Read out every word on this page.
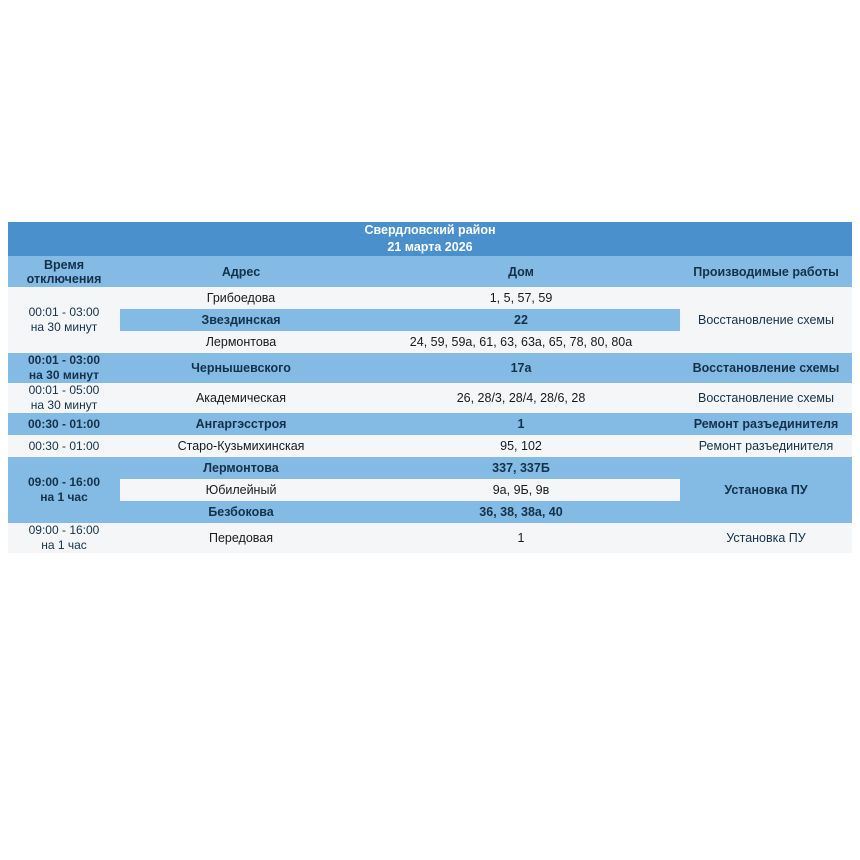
Свердловский район
21 марта 2026			

Время отключения	Адрес	Дом	Производимые работы

00:01 - 03:00
на 30 минут	Грибоедова	1, 5, 57, 59	Восстановление схемы
	Звездинская	22	
	Лермонтова	24, 59, 59а, 61, 63, 63а, 65, 78, 80, 80а	

00:01 - 03:00
на 30 минут	Чернышевского	17а	Восстановление схемы

00:01 - 05:00
на 30 минут	Академическая	26, 28/3, 28/4, 28/6, 28	Восстановление схемы

00:30 - 01:00	Ангаргэсстроя	1	Ремонт разъединителя

00:30 - 01:00	Старо-Кузьмихинская	95, 102	Ремонт разъединителя

09:00 - 16:00
на 1 час	Лермонтова	337, 337Б	Установка ПУ
	Юбилейный	9а, 9Б, 9в	
	Безбокова	36, 38, 38а, 40	

09:00 - 16:00
на 1 час	Передовая	1	Установка ПУ
